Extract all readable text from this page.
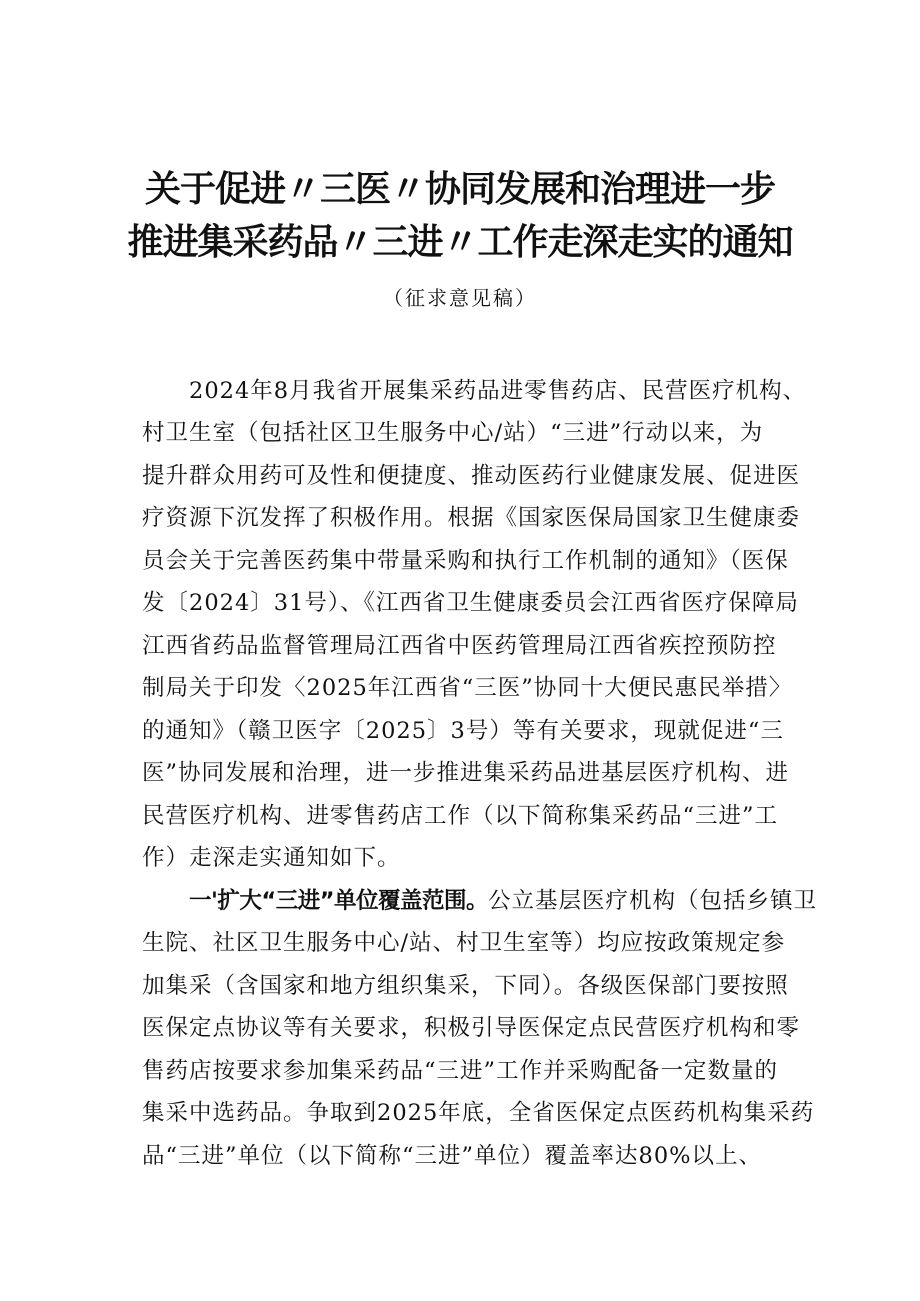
关于促进〃三医〃协同发展和治理进一步
推进集采药品〃三进〃工作走深走实的通知
（征求意见稿）
　　2024年8月我省开展集采药品进零售药店、民营医疗机构、
村卫生室（包括社区卫生服务中心/站）“三进”行动以来，为
提升群众用药可及性和便捷度、推动医药行业健康发展、促进医
疗资源下沉发挥了积极作用。根据《国家医保局国家卫生健康委
员会关于完善医药集中带量采购和执行工作机制的通知》（医保
发〔2024〕31号）、《江西省卫生健康委员会江西省医疗保障局
江西省药品监督管理局江西省中医药管理局江西省疾控预防控
制局关于印发〈2025年江西省“三医”协同十大便民惠民举措〉
的通知》（赣卫医字〔2025〕3号）等有关要求，现就促进“三
医”协同发展和治理，进一步推进集采药品进基层医疗机构、进
民营医疗机构、进零售药店工作（以下简称集采药品“三进”工
作）走深走实通知如下。
　　一'扩大“三进”单位覆盖范围。公立基层医疗机构（包括乡镇卫
生院、社区卫生服务中心/站、村卫生室等）均应按政策规定参
加集采（含国家和地方组织集采，下同）。各级医保部门要按照
医保定点协议等有关要求，积极引导医保定点民营医疗机构和零
售药店按要求参加集采药品“三进”工作并采购配备一定数量的
集采中选药品。争取到2025年底，全省医保定点医药机构集采药
品“三进”单位（以下简称“三进”单位）覆盖率达80%以上、
